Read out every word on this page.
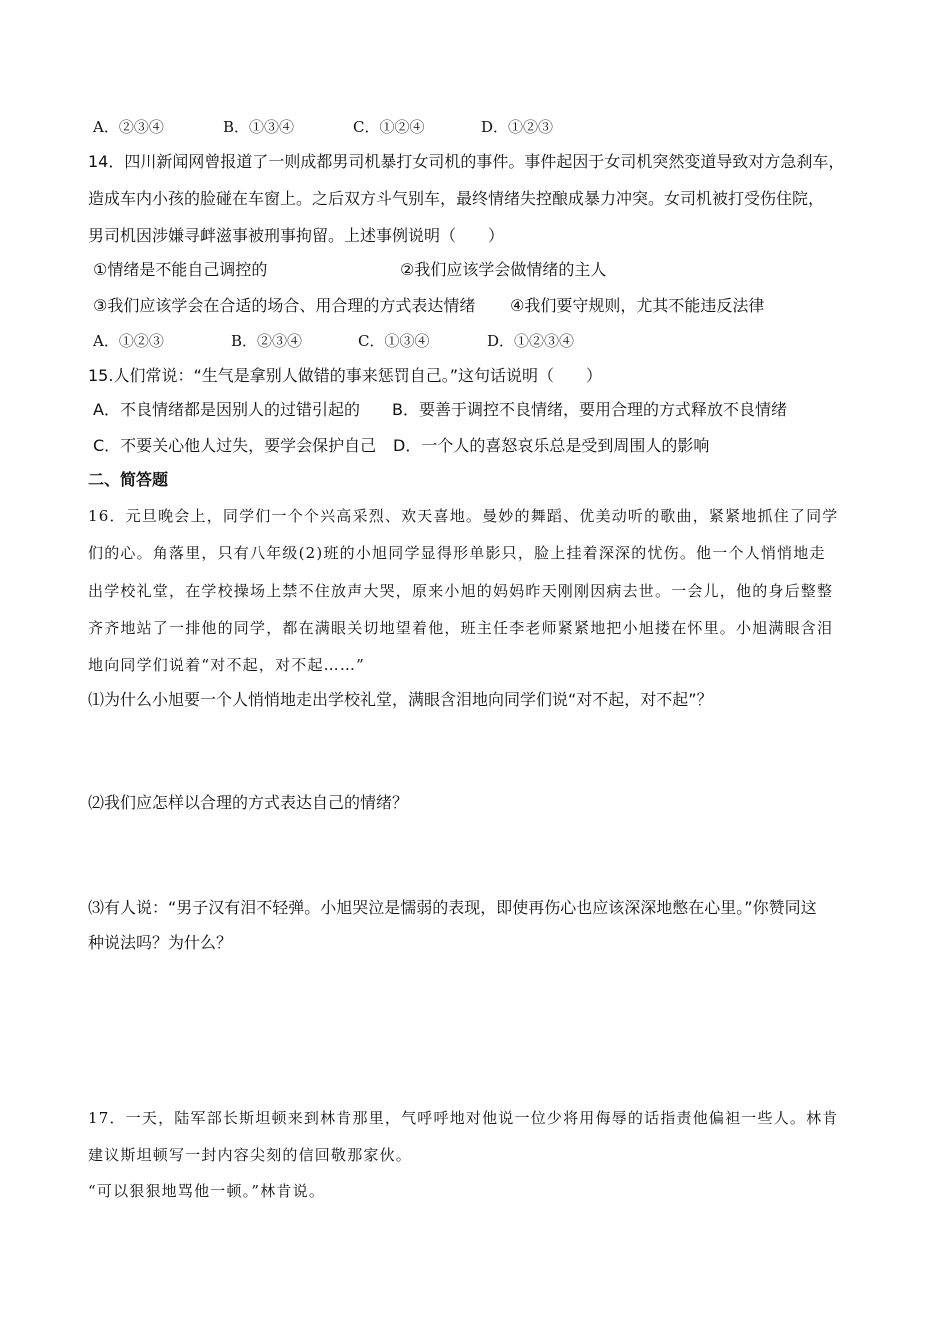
A．②③④	B．①③④	C．①②④	D．①②③
14．四川新闻网曾报道了一则成都男司机暴打女司机的事件。事件起因于女司机突然变道导致对方急刹车，
造成车内小孩的脸碰在车窗上。之后双方斗气别车，最终情绪失控酿成暴力冲突。女司机被打受伤住院，
男司机因涉嫌寻衅滋事被刑事拘留。上述事例说明（　　）
①情绪是不能自己调控的	②我们应该学会做情绪的主人
③我们应该学会在合适的场合、用合理的方式表达情绪 ④我们要守规则，尤其不能违反法律
A．①②③	B．②③④	C．①③④	D．①②③④
15.人们常说：“生气是拿别人做错的事来惩罚自己。”这句话说明（　　）
A．不良情绪都是因别人的过错引起的 B．要善于调控不良情绪，要用合理的方式释放不良情绪
C．不要关心他人过失，要学会保护自己 D．一个人的喜怒哀乐总是受到周围人的影响
二、简答题
16．元旦晚会上，同学们一个个兴高采烈、欢天喜地。曼妙的舞蹈、优美动听的歌曲，紧紧地抓住了同学
们的心。角落里，只有八年级(2)班的小旭同学显得形单影只，脸上挂着深深的忧伤。他一个人悄悄地走
出学校礼堂，在学校操场上禁不住放声大哭，原来小旭的妈妈昨天刚刚因病去世。一会儿，他的身后整整
齐齐地站了一排他的同学，都在满眼关切地望着他，班主任李老师紧紧地把小旭搂在怀里。小旭满眼含泪
地向同学们说着“对不起，对不起……”
⑴为什么小旭要一个人悄悄地走出学校礼堂，满眼含泪地向同学们说“对不起，对不起”？
⑵我们应怎样以合理的方式表达自己的情绪？
⑶有人说：“男子汉有泪不轻弹。小旭哭泣是懦弱的表现，即使再伤心也应该深深地憋在心里。”你赞同这
种说法吗？为什么？
17．一天，陆军部长斯坦顿来到林肯那里，气呼呼地对他说一位少将用侮辱的话指责他偏袒一些人。林肯
建议斯坦顿写一封内容尖刻的信回敬那家伙。
“可以狠狠地骂他一顿。”林肯说。
